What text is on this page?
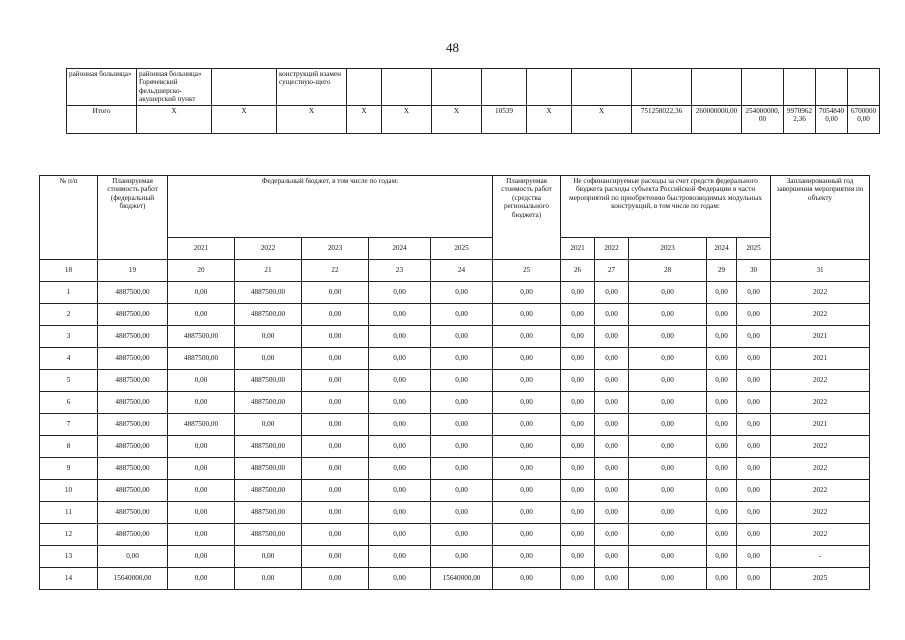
48
районная больница»	районная больница» Горячевский фельдшерско-акушерский пункт		конструкций взамен существую-щего												
Итого	X	X	X	X	X	X	10539	X	X	751258022,36	260000000,00	254000000,00	99709622,36	70548400,00	67000000,00
№ п/п	Планируемая стоимость работ (федеральный бюджет)	Федеральный бюджет, в том числе по годам:					Планируемая стоимость работ (средства регионального бюджета)	Не софинансируемые расходы за счет средств федерального бюджета расходы субъекта Российской Федерации в части мероприятий по приобретению быстровозводимых модульных конструкций, в том числе по годам:					Запланированный год завершения мероприятия по объекту
		2021	2022	2023	2024	2025		2021	2022	2023	2024	2025	
18	19	20	21	22	23	24	25	26	27	28	29	30	31
1	4887500,00	0,00	4887500,00	0,00	0,00	0,00	0,00	0,00	0,00	0,00	0,00	0,00	2022
2	4887500,00	0,00	4887500,00	0,00	0,00	0,00	0,00	0,00	0,00	0,00	0,00	0,00	2022
3	4887500,00	4887500,00	0,00	0,00	0,00	0,00	0,00	0,00	0,00	0,00	0,00	0,00	2021
4	4887500,00	4887500,00	0,00	0,00	0,00	0,00	0,00	0,00	0,00	0,00	0,00	0,00	2021
5	4887500,00	0,00	4887500,00	0,00	0,00	0,00	0,00	0,00	0,00	0,00	0,00	0,00	2022
6	4887500,00	0,00	4887500,00	0,00	0,00	0,00	0,00	0,00	0,00	0,00	0,00	0,00	2022
7	4887500,00	4887500,00	0,00	0,00	0,00	0,00	0,00	0,00	0,00	0,00	0,00	0,00	2021
8	4887500,00	0,00	4887500,00	0,00	0,00	0,00	0,00	0,00	0,00	0,00	0,00	0,00	2022
9	4887500,00	0,00	4887500,00	0,00	0,00	0,00	0,00	0,00	0,00	0,00	0,00	0,00	2022
10	4887500,00	0,00	4887500,00	0,00	0,00	0,00	0,00	0,00	0,00	0,00	0,00	0,00	2022
11	4887500,00	0,00	4887500,00	0,00	0,00	0,00	0,00	0,00	0,00	0,00	0,00	0,00	2022
12	4887500,00	0,00	4887500,00	0,00	0,00	0,00	0,00	0,00	0,00	0,00	0,00	0,00	2022
13	0,00	0,00	0,00	0,00	0,00	0,00	0,00	0,00	0,00	0,00	0,00	0,00	-
14	15640000,00	0,00	0,00	0,00	0,00	15640000,00	0,00	0,00	0,00	0,00	0,00	0,00	2025
